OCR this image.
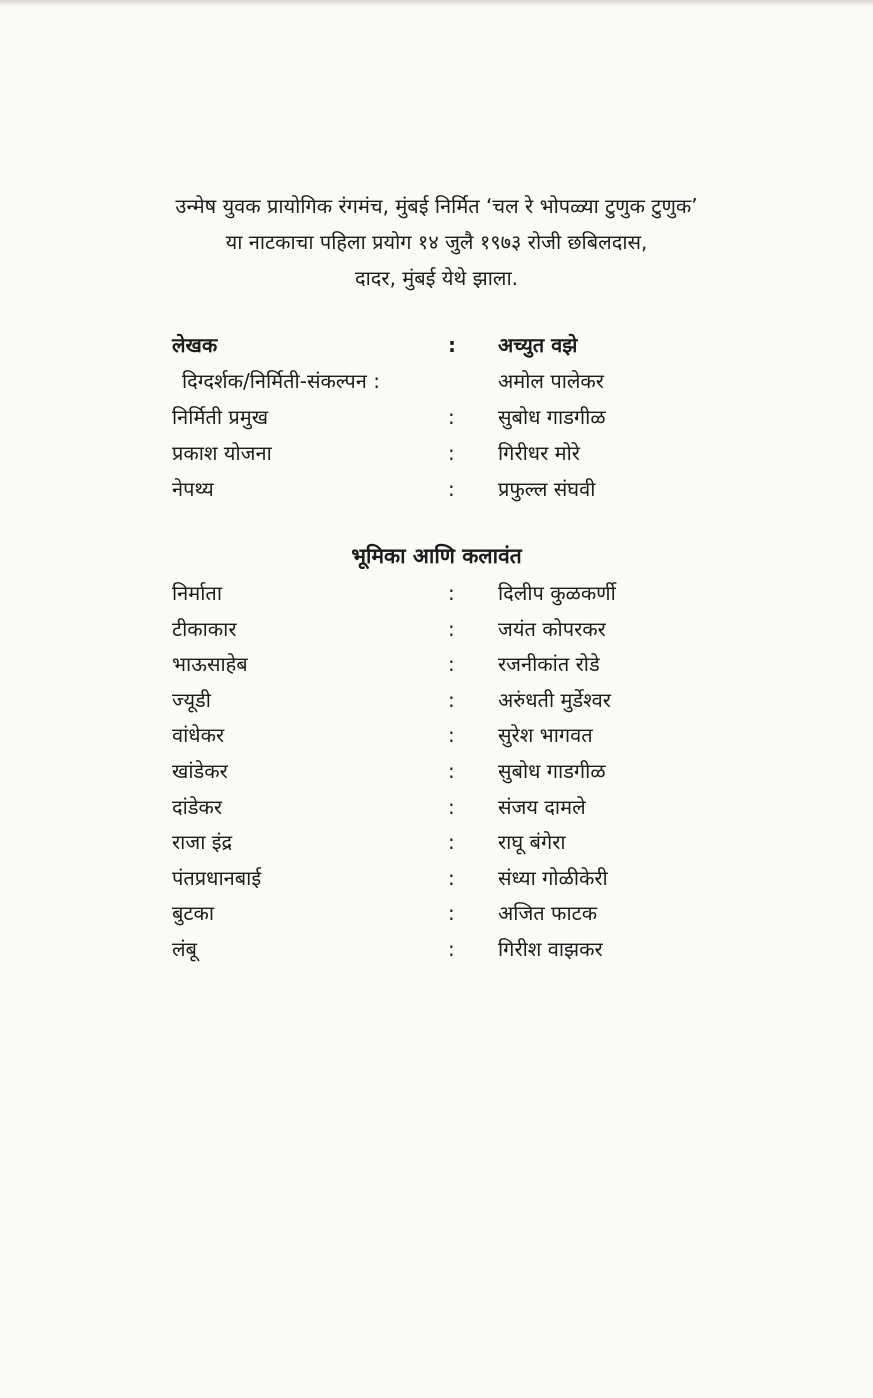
उन्मेष युवक प्रायोगिक रंगमंच, मुंबई निर्मित ‘चल रे भोपळ्या टुणुक टुणुक’
या नाटकाचा पहिला प्रयोग १४ जुलै १९७३ रोजी छबिलदास,
दादर, मुंबई येथे झाला.
लेखक	: अच्युत वझे
दिग्दर्शक/निर्मिती-संकल्पन :	अमोल पालेकर
निर्मिती प्रमुख	: सुबोध गाडगीळ
प्रकाश योजना	: गिरीधर मोरे
नेपथ्य	: प्रफुल्ल संघवी
भूमिका आणि कलावंत
निर्माता	: दिलीप कुळकर्णी
टीकाकार	: जयंत कोपरकर
भाऊसाहेब	: रजनीकांत रोडे
ज्यूडी	: अरुंधती मुर्डेश्वर
वांधेकर	: सुरेश भागवत
खांडेकर	: सुबोध गाडगीळ
दांडेकर	: संजय दामले
राजा इंद्र	: राघू बंगेरा
पंतप्रधानबाई	: संध्या गोळीकेरी
बुटका	: अजित फाटक
लंबू	: गिरीश वाझकर
